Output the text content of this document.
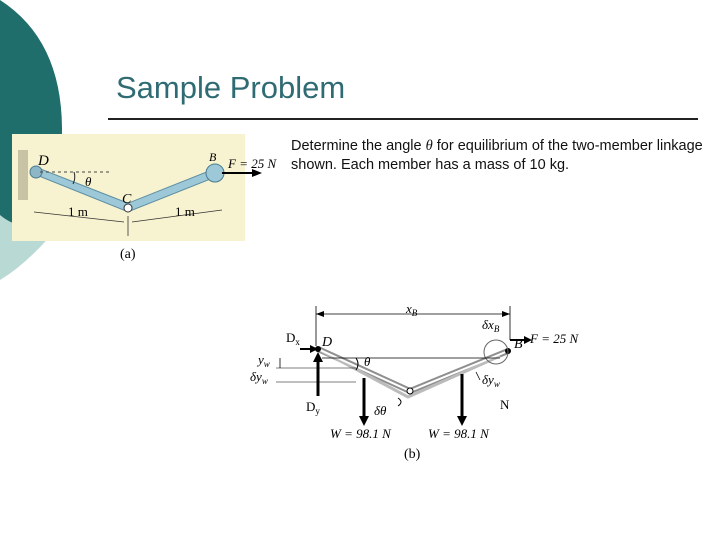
Sample Problem
Determine the angle θ for equilibrium of the two-member linkage shown. Each member has a mass of 10 kg.
D
θ
C
B F = 25 N
1 m	1 m
(a)
$x_B$
$D_x$ D
$D_y$
$y_w$
$\delta y_w$
θ
W = 98.1 N
δθ
W = 98.1 N
$\delta x_B$
B F = 25 N
$\delta y_w$
N
(b)
